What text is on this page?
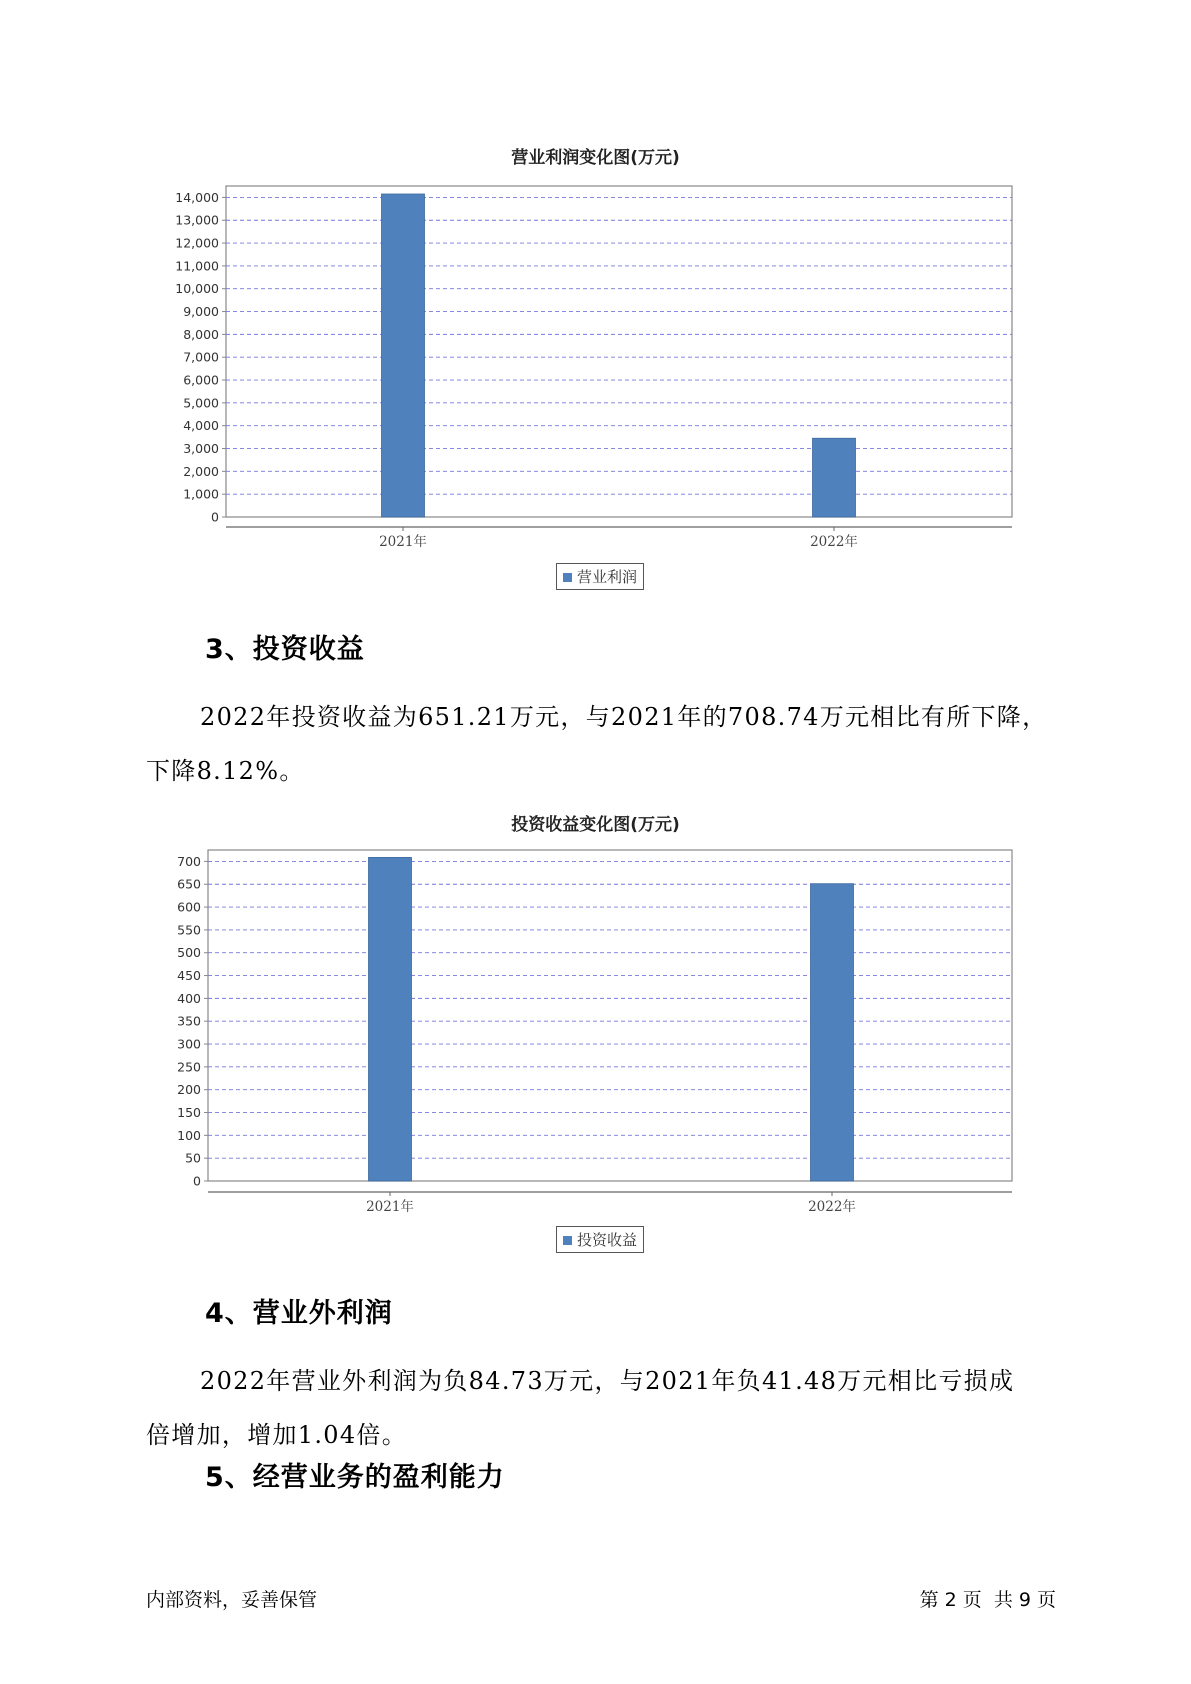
营业利润变化图(万元)
0
1,000
2,000
3,000
4,000
5,000
6,000
7,000
8,000
9,000
10,000
11,000
12,000
13,000
14,000
2021年	2022年
营业利润
3、投资收益
2022年投资收益为651.21万元，与2021年的708.74万元相比有所下降，
下降8.12%。
投资收益变化图(万元)
0
50
100
150
200
250
300
350
400
450
500
550
600
650
700
2021年	2022年
投资收益
4、营业外利润
2022年营业外利润为负84.73万元，与2021年负41.48万元相比亏损成
倍增加，增加1.04倍。
5、经营业务的盈利能力
内部资料，妥善保管	第 2 页  共 9 页
